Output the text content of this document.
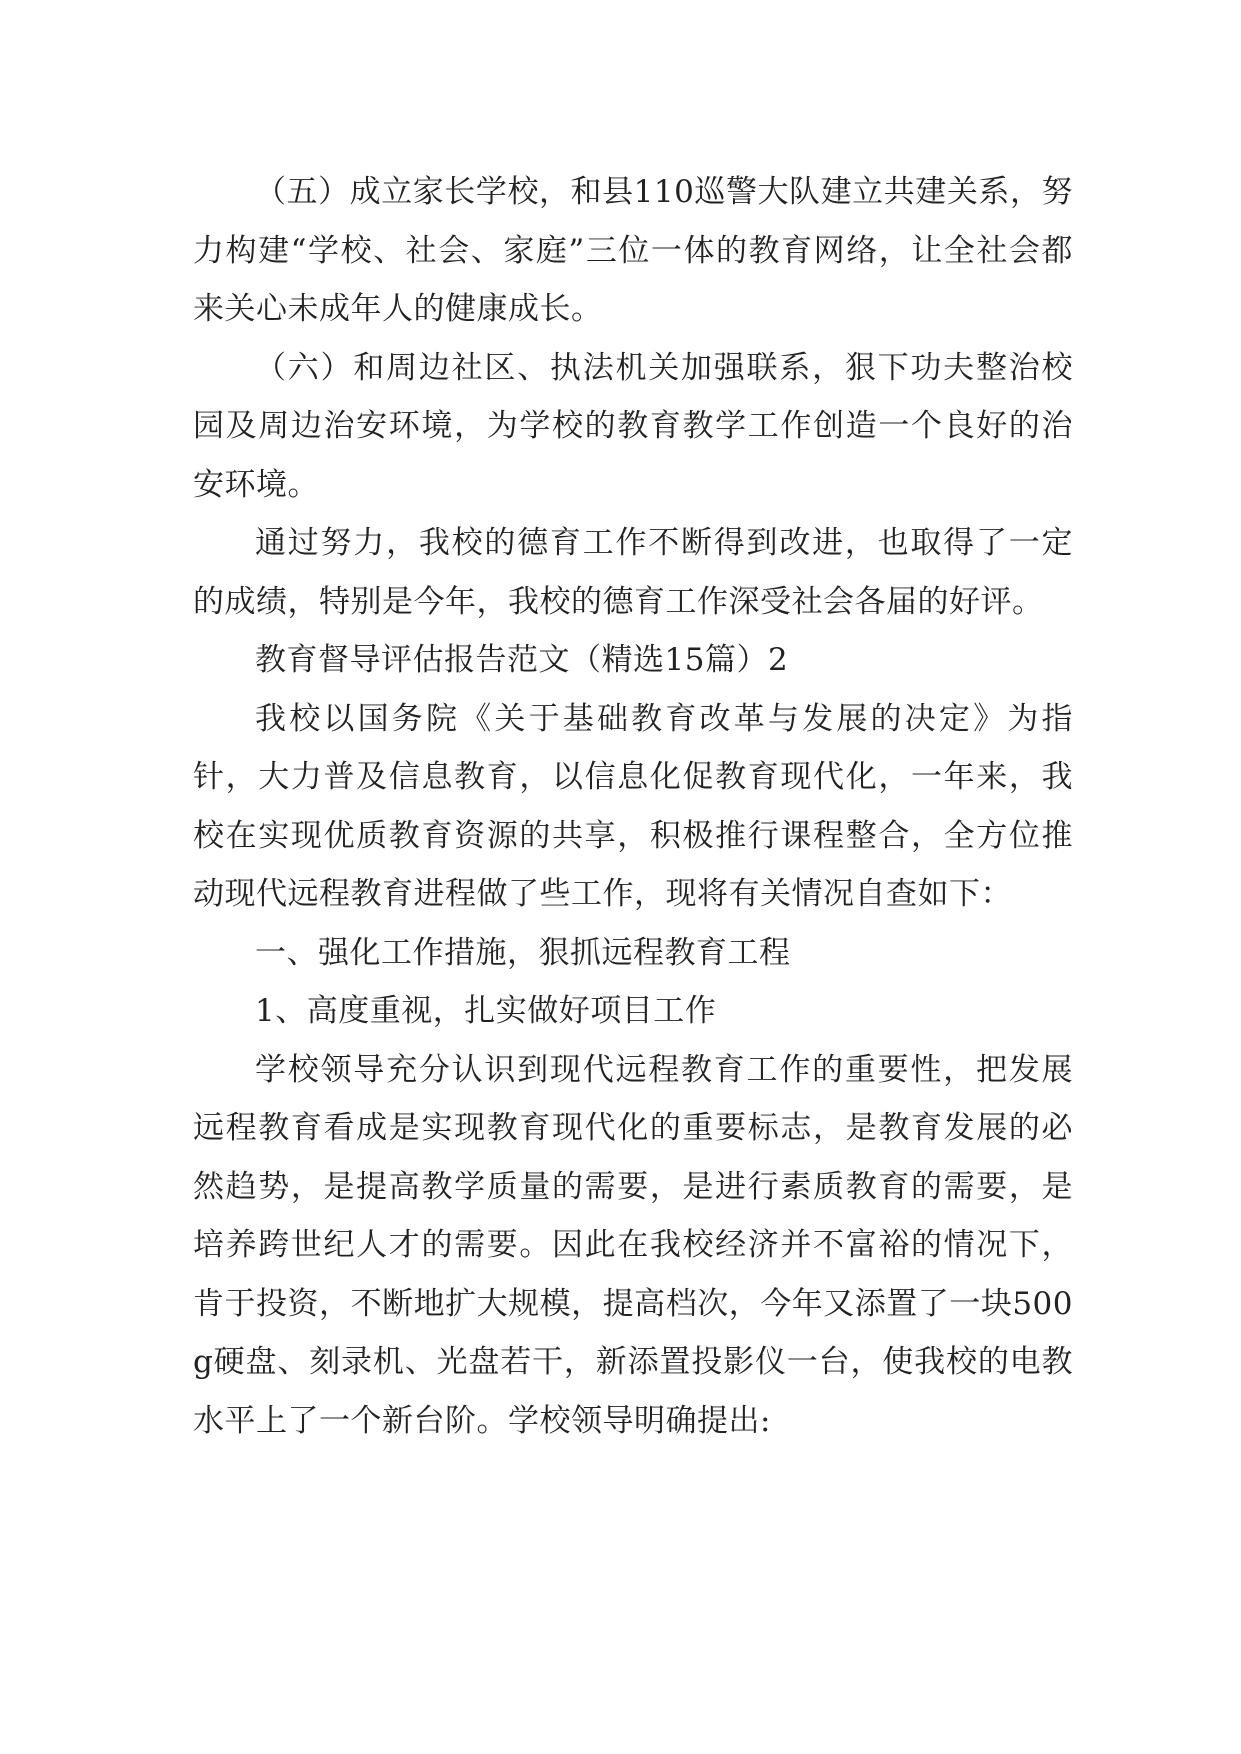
（五）成立家长学校，和县110巡警大队建立共建关系，努力构建“学校、社会、家庭”三位一体的教育网络，让全社会都来关心未成年人的健康成长。

（六）和周边社区、执法机关加强联系，狠下功夫整治校园及周边治安环境，为学校的教育教学工作创造一个良好的治安环境。

通过努力，我校的德育工作不断得到改进，也取得了一定的成绩，特别是今年，我校的德育工作深受社会各届的好评。

教育督导评估报告范文（精选15篇）2

我校以国务院《关于基础教育改革与发展的决定》为指针，大力普及信息教育，以信息化促教育现代化，一年来，我校在实现优质教育资源的共享，积极推行课程整合，全方位推动现代远程教育进程做了些工作，现将有关情况自查如下：

一、强化工作措施，狠抓远程教育工程

1、高度重视，扎实做好项目工作

学校领导充分认识到现代远程教育工作的重要性，把发展远程教育看成是实现教育现代化的重要标志，是教育发展的必然趋势，是提高教学质量的需要，是进行素质教育的需要，是培养跨世纪人才的需要。因此在我校经济并不富裕的情况下，肯于投资，不断地扩大规模，提高档次，今年又添置了一块500g硬盘、刻录机、光盘若干，新添置投影仪一台，使我校的电教水平上了一个新台阶。学校领导明确提出:
